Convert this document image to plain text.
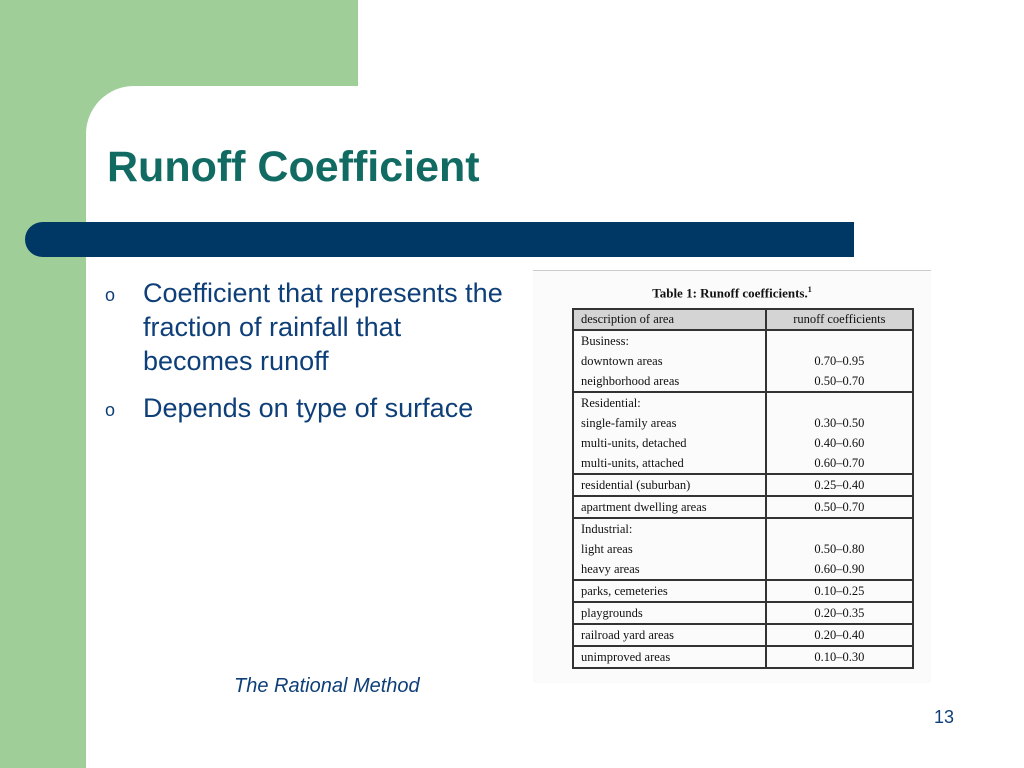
Runoff Coefficient
o Coefficient that represents the fraction of rainfall that becomes runoff
o Depends on type of surface
Table 1: Runoff coefficients.$^1$
description of area	runoff coefficients
Business:	
downtown areas	0.70–0.95
neighborhood areas	0.50–0.70
Residential:	
single-family areas	0.30–0.50
multi-units, detached	0.40–0.60
multi-units, attached	0.60–0.70
residential (suburban)	0.25–0.40
apartment dwelling areas	0.50–0.70
Industrial:	
light areas	0.50–0.80
heavy areas	0.60–0.90
parks, cemeteries	0.10–0.25
playgrounds	0.20–0.35
railroad yard areas	0.20–0.40
unimproved areas	0.10–0.30
The Rational Method
13
